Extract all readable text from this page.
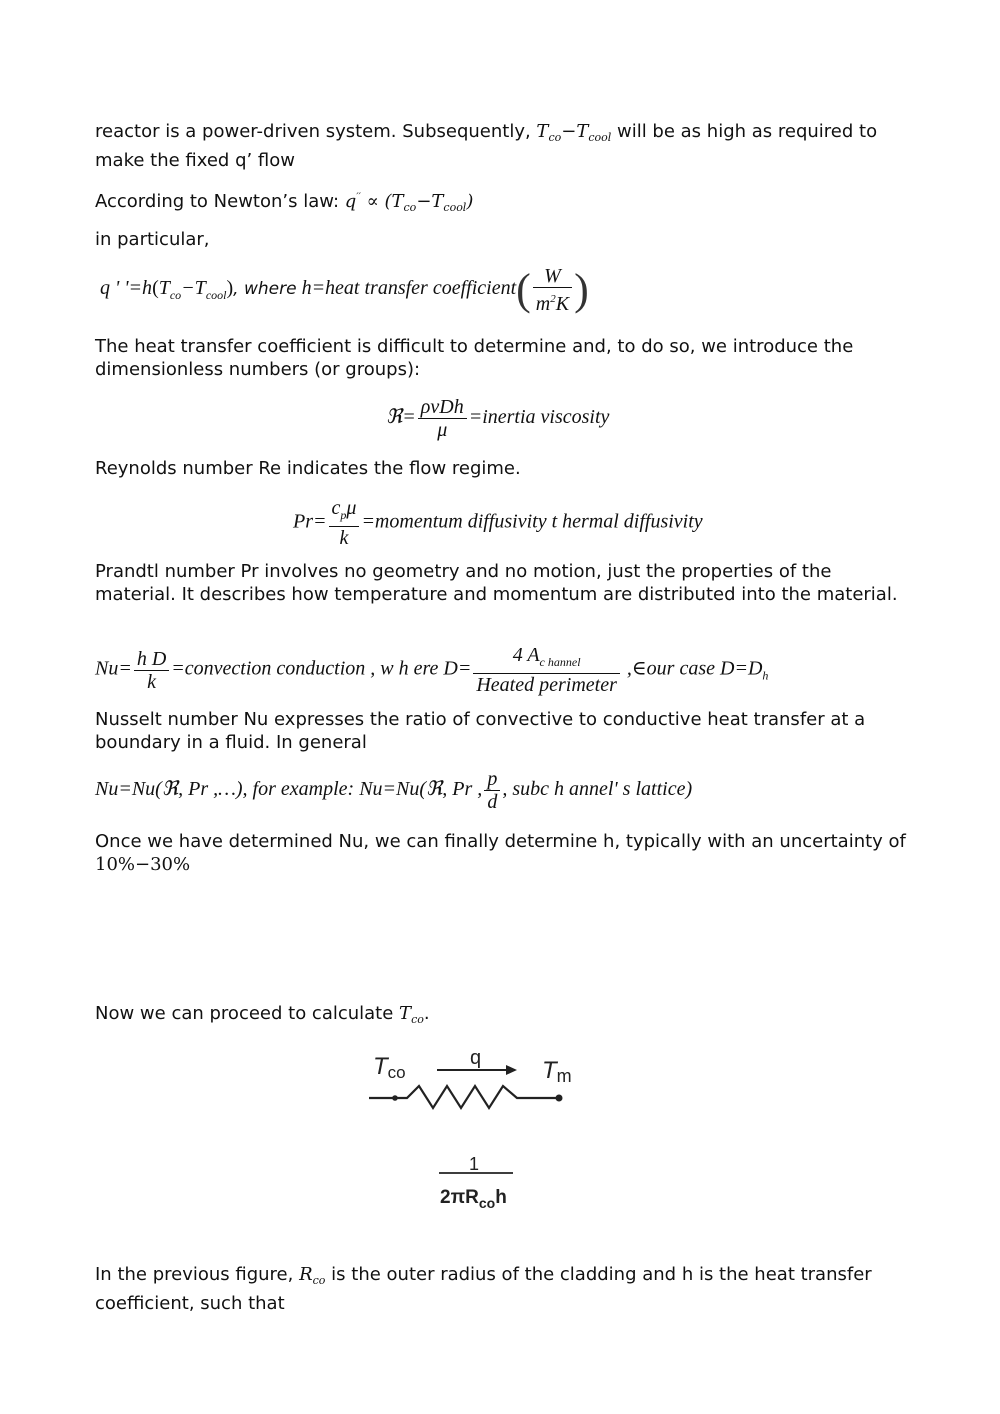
reactor is a power-driven system. Subsequently, $T_{co}-T_{cool}$ will be as high as required to make the fixed q’ flow

According to Newton’s law: $q'' \propto (T_{co}-T_{cool})$

in particular,

q ' '$=h(T_{co}-T_{cool})$, where h=heat transfer coefficient( $\frac{W}{m^2K}$ )

The heat transfer coefficient is difficult to determine and, to do so, we introduce the dimensionless numbers (or groups):

ℜ= $\frac{\text{ρvDh}}{\mu}$ =inertia viscosity

Reynolds number Re indicates the flow regime.

$Pr= \frac{c_p\mu}{k}$ =momentum diffusivity t hermal diffusivity

Prandtl number Pr involves no geometry and no motion, just the properties of the material. It describes how temperature and momentum are distributed into the material.

$Nu= \frac{\text{h D}}{k}$ =convection conduction , w h ere $D= \frac{4 A_{c hannel}}{\text{Heated perimeter}}$ ,∈our case $D=D_h$

Nusselt number Nu expresses the ratio of convective to conductive heat transfer at a boundary in a fluid. In general

Nu=Nu(ℜ, Pr ,…), for example: Nu=Nu(ℜ, Pr , $\frac{p}{d}$ , subc h annel' s lattice)

Once we have determined Nu, we can finally determine h, typically with an uncertainty of 10%−30%

Now we can proceed to calculate $T_{co}$.

Tco
q	Tm
1
$2\pi R_{co}h$

In the previous figure, $R_{co}$ is the outer radius of the cladding and h is the heat transfer coefficient, such that
